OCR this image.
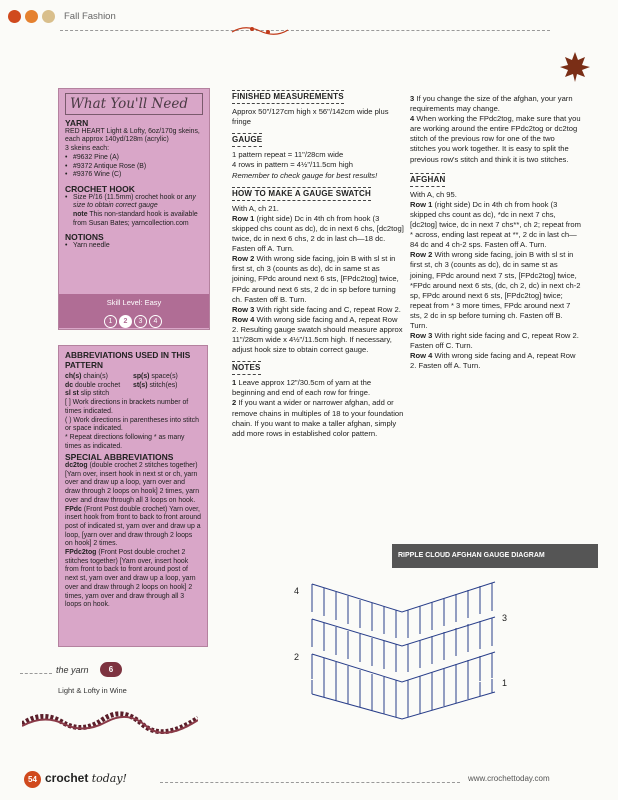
Fall Fashion
What You'll Need
YARN
RED HEART Light & Lofty, 6oz/170g skeins, each approx 140yd/128m (acrylic)
3 skeins each:
• #9632 Pine (A)
• #9372 Antique Rose (B)
• #9376 Wine (C)
CROCHET HOOK
• Size P/16 (11.5mm) crochet hook or any size to obtain correct gauge
note This non-standard hook is available from Susan Bates; yarncollection.com
NOTIONS
• Yarn needle
Skill Level: Easy
1 2 3 4
ABBREVIATIONS USED IN THIS PATTERN
ch(s) chain(s)	sp(s) space(s)
dc double crochet	st(s) stitch(es)
sl st slip stitch
[ ] Work directions in brackets number of times indicated.
( ) Work directions in parentheses into stitch or space indicated.
* Repeat directions following * as many times as indicated.
SPECIAL ABBREVIATIONS
dc2tog (double crochet 2 stitches together) [Yarn over, insert hook in next st or ch, yarn over and draw up a loop, yarn over and draw through 2 loops on hook] 2 times, yarn over and draw through all 3 loops on hook.
FPdc (Front Post double crochet) Yarn over, insert hook from front to back to front around post of indicated st, yarn over and draw up a loop, [yarn over and draw through 2 loops on hook] 2 times.
FPdc2tog (Front Post double crochet 2 stitches together) [Yarn over, insert hook from front to back to front around post of next st, yarn over and draw up a loop, yarn over and draw through 2 loops on hook] 2 times, yarn over and draw through all 3 loops on hook.
the yarn	6
Light & Lofty in Wine
FINISHED MEASUREMENTS

Approx 50"/127cm high x 56"/142cm wide plus fringe

GAUGE

1 pattern repeat = 11"/28cm wide

4 rows in pattern = 4½"/11.5cm high

Remember to check gauge for best results!

HOW TO MAKE A GAUGE SWATCH

With A, ch 21.

Row 1 (right side) Dc in 4th ch from hook (3 skipped chs count as dc), dc in next 6 chs, [dc2tog] twice, dc in next 6 chs, 2 dc in last ch—18 dc. Fasten off A. Turn.

Row 2 With wrong side facing, join B with sl st in first st, ch 3 (counts as dc), dc in same st as joining, FPdc around next 6 sts, [FPdc2tog] twice, FPdc around next 6 sts, 2 dc in sp before turning ch. Fasten off B. Turn.

Row 3 With right side facing and C, repeat Row 2.

Row 4 With wrong side facing and A, repeat Row 2. Resulting gauge swatch should measure approx 11"/28cm wide x 4½"/11.5cm high. If necessary, adjust hook size to obtain correct gauge.

NOTES

1 Leave approx 12"/30.5cm of yarn at the beginning and end of each row for fringe.

2 If you want a wider or narrower afghan, add or remove chains in multiples of 18 to your foundation chain. If you want to make a taller afghan, simply add more rows in established color pattern.

3 If you change the size of the afghan, your yarn requirements may change.

4 When working the FPdc2tog, make sure that you are working around the entire FPdc2tog or dc2tog stitch of the previous row for one of the two stitches you work together. It is easy to split the previous row's stitch and think it is two stitches.

AFGHAN

With A, ch 95.

Row 1 (right side) Dc in 4th ch from hook (3 skipped chs count as dc), *dc in next 7 chs, [dc2tog] twice, dc in next 7 chs**, ch 2; repeat from * across, ending last repeat at **, 2 dc in last ch—84 dc and 4 ch-2 sps. Fasten off A. Turn.

Row 2 With wrong side facing, join B with sl st in first st, ch 3 (counts as dc), dc in same st as joining, FPdc around next 7 sts, [FPdc2tog] twice, *FPdc around next 6 sts, (dc, ch 2, dc) in next ch-2 sp, FPdc around next 6 sts, [FPdc2tog] twice; repeat from * 3 more times, FPdc around next 7 sts, 2 dc in sp before turning ch. Fasten off B. Turn.

Row 3 With right side facing and C, repeat Row 2. Fasten off C. Turn.

Row 4 With wrong side facing and A, repeat Row 2. Fasten off A. Turn.

RIPPLE CLOUD AFGHAN GAUGE DIAGRAM
4
3
2
1
54 crochet today!	www.crochettoday.com
